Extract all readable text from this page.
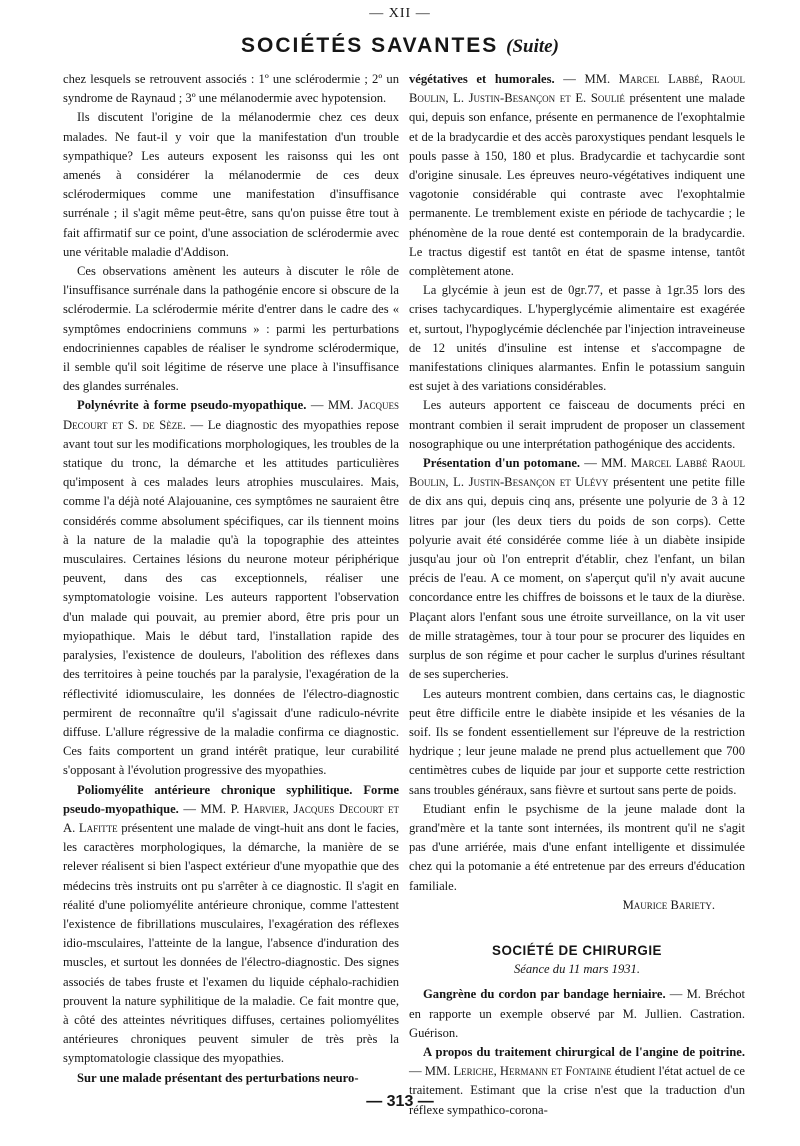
— XII —
SOCIÉTÉS SAVANTES (Suite)

chez lesquels se retrouvent associés : 1º une sclérodermie ; 2º un syndrome de Raynaud ; 3º une mélanodermie avec hypotension.

Ils discutent l'origine de la mélanodermie chez ces deux malades. Ne faut-il y voir que la manifestation d'un trouble sympathique? Les auteurs exposent les raisonss qui les ont amenés à considérer la mélanodermie de ces deux sclérodermiques comme une manifestation d'insuffisance surrénale ; il s'agit même peut-être, sans qu'on puisse être tout à fait affirmatif sur ce point, d'une association de sclérodermie avec une véritable maladie d'Addison.

Ces observations amènent les auteurs à discuter le rôle de l'insuffisance surrénale dans la pathogénie encore si obscure de la sclérodermie. La sclérodermie mérite d'entrer dans le cadre des « symptômes endocriniens communs » : parmi les perturbations endocriniennes capables de réaliser le syndrome sclérodermique, il semble qu'il soit légitime de réserve une place à l'insuffisance des glandes surrénales.

Polynévrite à forme pseudo-myopathique. — MM. Jacques Decourt et S. de Sèze. — Le diagnostic des myopathies repose avant tout sur les modifications morphologiques, les troubles de la statique du tronc, la démarche et les attitudes particulières qu'imposent à ces malades leurs atrophies musculaires. Mais, comme l'a déjà noté Alajouanine, ces symptômes ne sauraient être considérés comme absolument spécifiques, car ils tiennent moins à la nature de la maladie qu'à la topographie des atteintes musculaires. Certaines lésions du neurone moteur périphérique peuvent, dans des cas exceptionnels, réaliser une symptomatologie voisine. Les auteurs rapportent l'observation d'un malade qui pouvait, au premier abord, être pris pour un myiopathique. Mais le début tard, l'installation rapide des paralysies, l'existence de douleurs, l'abolition des réflexes dans des territoires à peine touchés par la paralysie, l'exagération de la réflectivité idiomusculaire, les données de l'électro-diagnostic permirent de reconnaître qu'il s'agissait d'une radiculo-névrite diffuse. L'allure régressive de la maladie confirma ce diagnostic. Ces faits comportent un grand intérêt pratique, leur curabilité s'opposant à l'évolution progressive des myopathies.

Poliomyélite antérieure chronique syphilitique. Forme pseudo-myopathique. — MM. P. Harvier, Jacques Decourt et A. Lafitte présentent une malade de vingt-huit ans dont le facies, les caractères morphologiques, la démarche, la manière de se relever réalisent si bien l'aspect extérieur d'une myopathie que des médecins très instruits ont pu s'arrêter à ce diagnostic. Il s'agit en réalité d'une poliomyélite antérieure chronique, comme l'attestent l'existence de fibrillations musculaires, l'exagération des réflexes idio-msculaires, l'atteinte de la langue, l'absence d'induration des muscles, et surtout les données de l'électro-diagnostic. Des signes associés de tabes fruste et l'examen du liquide céphalo-rachidien prouvent la nature syphilitique de la maladie. Ce fait montre que, à côté des atteintes névritiques diffuses, certaines poliomyélites antérieures chroniques peuvent simuler de très près la symptomatologie classique des myopathies.

Sur une malade présentant des perturbations neuro-

végétatives et humorales. — MM. Marcel Labbé, Raoul Boulin, L. Justin-Besançon et E. Soulié présentent une malade qui, depuis son enfance, présente en permanence de l'exophtalmie et de la bradycardie et des accès paroxystiques pendant lesquels le pouls passe à 150, 180 et plus. Bradycardie et tachycardie sont d'origine sinusale. Les épreuves neuro-végétatives indiquent une vagotonie considérable qui contraste avec l'exophtalmie permanente. Le tremblement existe en période de tachycardie ; le phénomène de la roue denté est contemporain de la bradycardie. Le tractus digestif est tantôt en état de spasme intense, tantôt complètement atone.

La glycémie à jeun est de 0gr.77, et passe à 1gr.35 lors des crises tachycardiques. L'hyperglycémie alimentaire est exagérée et, surtout, l'hypoglycémie déclenchée par l'injection intraveineuse de 12 unités d'insuline est intense et s'accompagne de manifestations cliniques alarmantes. Enfin le potassium sanguin est sujet à des variations considérables.

Les auteurs apportent ce faisceau de documents préci en montrant combien il serait imprudent de proposer un classement nosographique ou une interprétation pathogénique des accidents.

Présentation d'un potomane. — MM. Marcel Labbé Raoul Boulin, L. Justin-Besançon et Ulévy présentent une petite fille de dix ans qui, depuis cinq ans, présente une polyurie de 3 à 12 litres par jour (les deux tiers du poids de son corps). Cette polyurie avait été considérée comme liée à un diabète insipide jusqu'au jour où l'on entreprit d'établir, chez l'enfant, un bilan précis de l'eau. A ce moment, on s'aperçut qu'il n'y avait aucune concordance entre les chiffres de boissons et le taux de la diurèse. Plaçant alors l'enfant sous une étroite surveillance, on la vit user de mille stratagèmes, tour à tour pour se procurer des liquides en surplus de son régime et pour cacher le surplus d'urines résultant de ses supercheries.

Les auteurs montrent combien, dans certains cas, le diagnostic peut être difficile entre le diabète insipide et les vésanies de la soif. Ils se fondent essentiellement sur l'épreuve de la restriction hydrique ; leur jeune malade ne prend plus actuellement que 700 centimètres cubes de liquide par jour et supporte cette restriction sans troubles généraux, sans fièvre et surtout sans perte de poids.

Etudiant enfin le psychisme de la jeune malade dont la grand'mère et la tante sont internées, ils montrent qu'il ne s'agit pas d'une arriérée, mais d'une enfant intelligente et dissimulée chez qui la potomanie a été entretenue par des erreurs d'éducation familiale.

Maurice Bariety.

SOCIÉTÉ DE CHIRURGIE
Séance du 11 mars 1931.

Gangrène du cordon par bandage herniaire. — M. Bréchot en rapporte un exemple observé par M. Jullien. Castration. Guérison.

A propos du traitement chirurgical de l'angine de poitrine. — MM. Leriche, Hermann et Fontaine étudient l'état actuel de ce traitement. Estimant que la crise n'est que la traduction d'un réflexe sympathico-corona-

— 313 —
